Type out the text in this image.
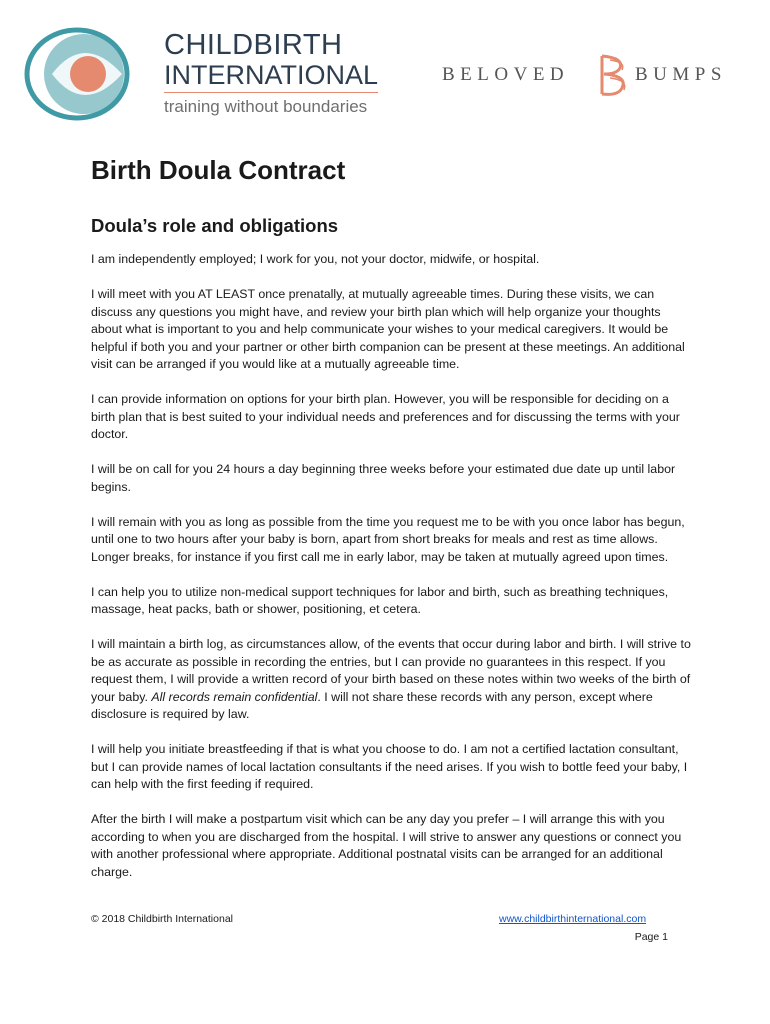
CHILDBIRTH
INTERNATIONAL
training without boundaries
BELOVED	BUMPS
Birth Doula Contract
Doula’s role and obligations

I am independently employed; I work for you, not your doctor, midwife, or hospital.

I will meet with you AT LEAST once prenatally, at mutually agreeable times. During these visits, we can discuss any questions you might have, and review your birth plan which will help organize your thoughts about what is important to you and help communicate your wishes to your medical caregivers. It would be helpful if both you and your partner or other birth companion can be present at these meetings. An additional visit can be arranged if you would like at a mutually agreeable time.

I can provide information on options for your birth plan. However, you will be responsible for deciding on a birth plan that is best suited to your individual needs and preferences and for discussing the terms with your doctor.

I will be on call for you 24 hours a day beginning three weeks before your estimated due date up until labor begins.

I will remain with you as long as possible from the time you request me to be with you once labor has begun, until one to two hours after your baby is born, apart from short breaks for meals and rest as time allows. Longer breaks, for instance if you first call me in early labor, may be taken at mutually agreed upon times.

I can help you to utilize non-medical support techniques for labor and birth, such as breathing techniques, massage, heat packs, bath or shower, positioning, et cetera.

I will maintain a birth log, as circumstances allow, of the events that occur during labor and birth. I will strive to be as accurate as possible in recording the entries, but I can provide no guarantees in this respect. If you request them, I will provide a written record of your birth based on these notes within two weeks of the birth of your baby. All records remain confidential. I will not share these records with any person, except where disclosure is required by law.

I will help you initiate breastfeeding if that is what you choose to do. I am not a certified lactation consultant, but I can provide names of local lactation consultants if the need arises. If you wish to bottle feed your baby, I can help with the first feeding if required.

After the birth I will make a postpartum visit which can be any day you prefer – I will arrange this with you according to when you are discharged from the hospital. I will strive to answer any questions or connect you with another professional where appropriate. Additional postnatal visits can be arranged for an additional charge.

© 2018 Childbirth International	www.childbirthinternational.com
Page 1
